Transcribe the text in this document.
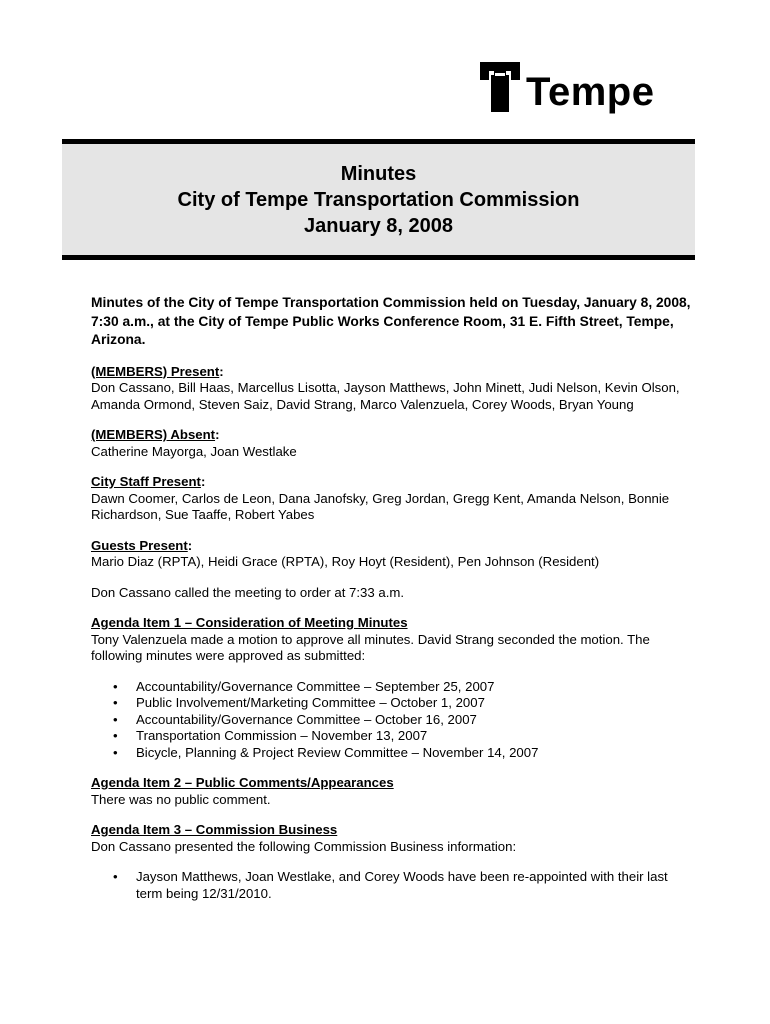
Tempe
Minutes
City of Tempe Transportation Commission
January 8, 2008

Minutes of the City of Tempe Transportation Commission held on Tuesday, January 8, 2008, 7:30 a.m., at the City of Tempe Public Works Conference Room, 31 E. Fifth Street, Tempe, Arizona.

(MEMBERS) Present:

Don Cassano, Bill Haas, Marcellus Lisotta, Jayson Matthews, John Minett, Judi Nelson, Kevin Olson, Amanda Ormond, Steven Saiz, David Strang, Marco Valenzuela, Corey Woods, Bryan Young

(MEMBERS) Absent:

Catherine Mayorga, Joan Westlake

City Staff Present:

Dawn Coomer, Carlos de Leon, Dana Janofsky, Greg Jordan, Gregg Kent, Amanda Nelson, Bonnie Richardson, Sue Taaffe, Robert Yabes

Guests Present:

Mario Diaz (RPTA), Heidi Grace (RPTA), Roy Hoyt (Resident), Pen Johnson (Resident)

Don Cassano called the meeting to order at 7:33 a.m.

Agenda Item 1 – Consideration of Meeting Minutes

Tony Valenzuela made a motion to approve all minutes. David Strang seconded the motion. The following minutes were approved as submitted:

• Accountability/Governance Committee – September 25, 2007
• Public Involvement/Marketing Committee – October 1, 2007
• Accountability/Governance Committee – October 16, 2007
• Transportation Commission – November 13, 2007
• Bicycle, Planning & Project Review Committee – November 14, 2007
Agenda Item 2 – Public Comments/Appearances

There was no public comment.

Agenda Item 3 – Commission Business

Don Cassano presented the following Commission Business information:

• Jayson Matthews, Joan Westlake, and Corey Woods have been re-appointed with their last term being 12/31/2010.
